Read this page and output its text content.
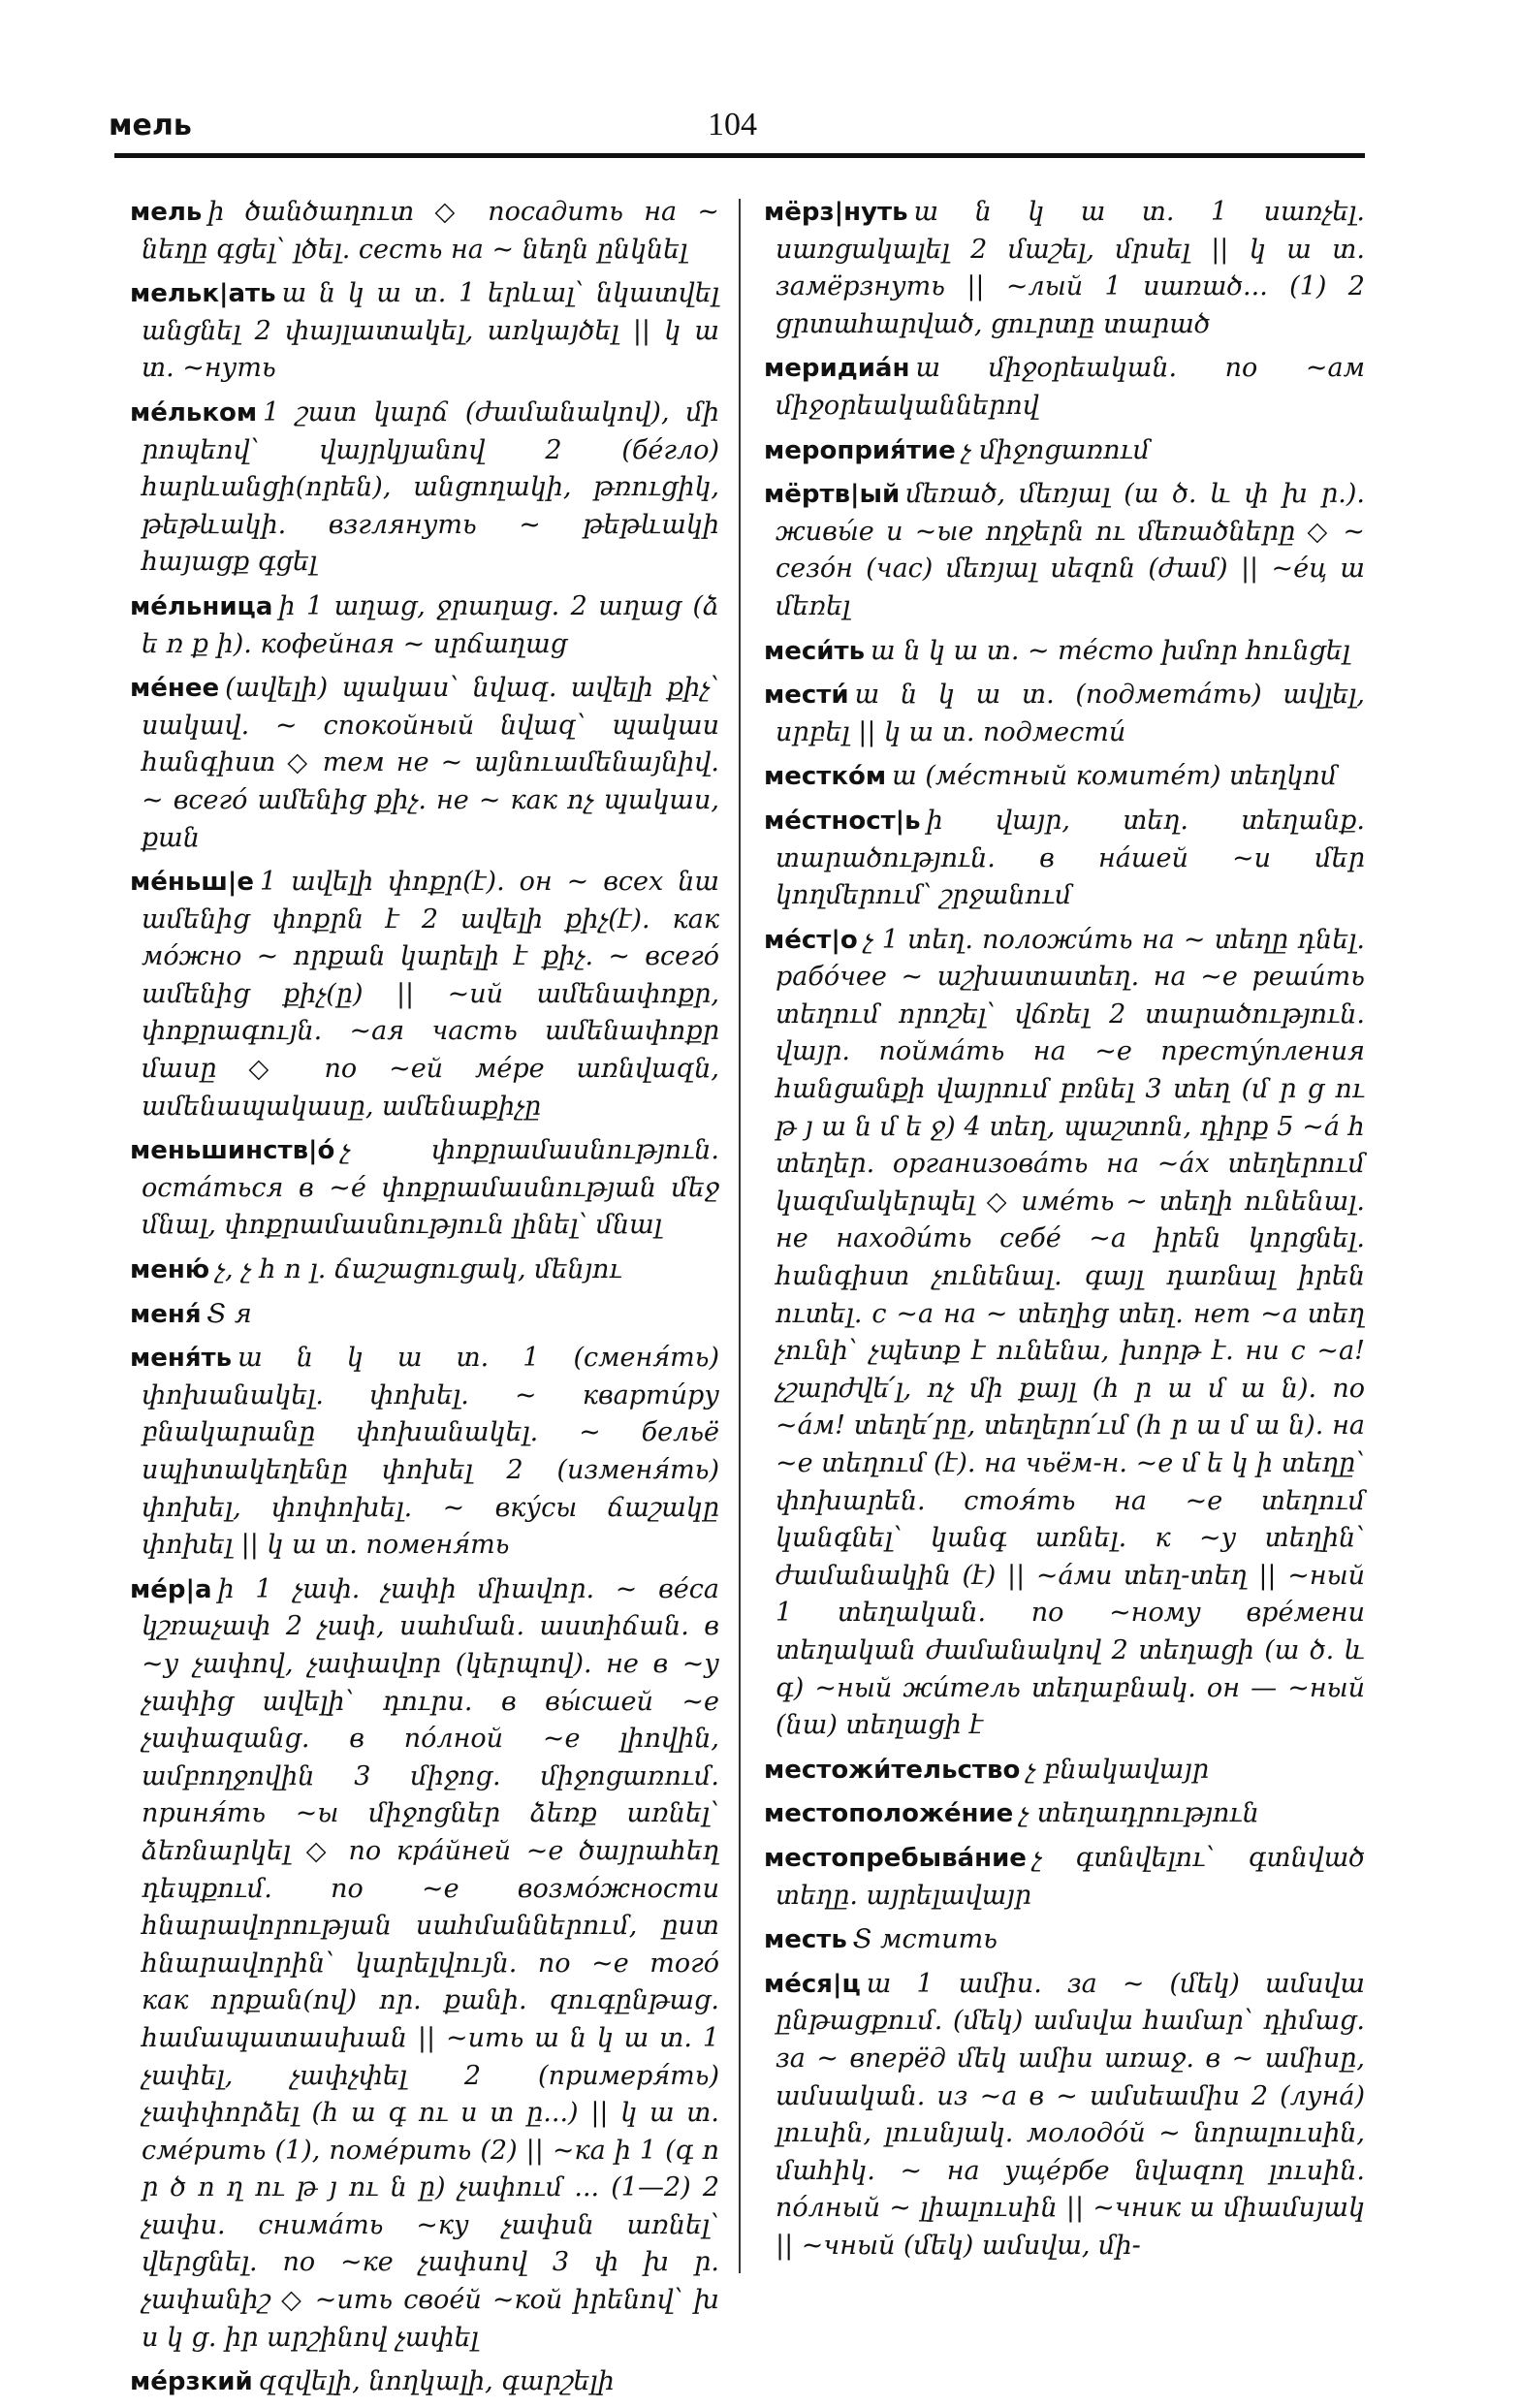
мель	104

мель ի ծանծաղուտ ◇ посадить на ~ նեղը գցել՝ լծել. сесть на ~ նեղն ընկնել

мельк|ать ա ն կ ա տ. 1 երևալ՝ նկատվել անցնել 2 փայլատակել, առկայծել || կ ա տ. ~нуть

ме́льком 1 շատ կարճ (ժամանակով), մի րոպեով՝ վայրկյանով 2 (бе́гло) հարևանցի(որեն), անցողակի, թռուցիկ, թեթևակի. взглянуть ~ թեթևակի հայացք գցել

ме́льница ի 1 աղաց, ջրաղաց. 2 աղաց (ձ ե ռ ք ի). кофейная ~ սրճաղաց

ме́нее (ավելի) պակաս՝ նվազ. ավելի քիչ՝ սակավ. ~ спокойный նվազ՝ պակաս հանգիստ ◇ тем не ~ այնուամենայնիվ. ~ всего́ ամենից քիչ. не ~ как ոչ պակաս, քան

ме́ньш|е 1 ավելի փոքր(է). он ~ всех նա ամենից փոքրն է 2 ավելի քիչ(է). как мо́жно ~ որքան կարելի է քիչ. ~ всего́ ամենից քիչ(ը) || ~ий ամենափոքր, փոքրագույն. ~ая часть ամենափոքր մասը ◇ по ~ей ме́ре առնվազն, ամենապակասը, ամենաքիչը

меньшинств|о́ չ փոքրամասնություն. оста́ться в ~е́ փոքրամասնության մեջ մնալ, փոքրամասնություն լինել՝ մնալ

меню́ չ, չ հ ո լ. ճաշացուցակ, մենյու

меня́ Տ я

меня́ть ա ն կ ա տ. 1 (сменя́ть) փոխանակել. փոխել. ~ кварти́ру բնակարանը փոխանակել. ~ бельё սպիտակեղենը փոխել 2 (изменя́ть) փոխել, փոփոխել. ~ вку́сы ճաշակը փոխել || կ ա տ. поменя́ть

ме́р|а ի 1 չափ. չափի միավոր. ~ ве́са կշռաչափ 2 չափ, սահման. աստիճան. в ~у չափով, չափավոր (կերպով). не в ~у չափից ավելի՝ դուրս. в вы́сшей ~е չափազանց. в по́лной ~е լիովին, ամբողջովին 3 միջոց. միջոցառում. приня́ть ~ы միջոցներ ձեռք առնել՝ ձեռնարկել ◇ по кра́йней ~е ծայրահեղ դեպքում. по ~е возмо́жности հնարավորության սահմաններում, ըստ հնարավորին՝ կարելվույն. по ~е того́ как որքան(ով) որ. քանի. զուգընթաց. համապատասխան || ~ить ա ն կ ա տ. 1 չափել, չափչփել 2 (примеря́ть) չափփորձել (հ ա գ ու ս տ ը...) || կ ա տ. сме́рить (1), поме́рить (2) || ~ка ի 1 (գ ո ր ծ ո ղ ու թ յ ու ն ը) չափում ... (1—2) 2 չափս. снима́ть ~ку չափսն առնել՝ վերցնել. по ~ке չափսով 3 փ խ ր. չափանիշ ◇ ~ить свое́й ~кой իրենով՝ խ ս կ ց. իր արշինով չափել

ме́рзкий զզվելի, նողկալի, գարշելի

мёрз|нуть ա ն կ ա տ. 1 սառչել. սառցակալել 2 մաշել, մրսել || կ ա տ. замёрзнуть || ~лый 1 սառած... (1) 2 ցրտահարված, ցուրտը տարած

меридиа́н ա միջօրեական. по ~ам միջօրեականներով

мероприя́тие չ միջոցառում

мёртв|ый մեռած, մեռյալ (ա ծ. և փ խ ր.). живы́е и ~ые ողջերն ու մեռածները ◇ ~ сезо́н (час) մեռյալ սեզոն (ժամ) || ~е́ц ա մեռել

меси́ть ա ն կ ա տ. ~ те́сто խմոր հունցել

мести́ ա ն կ ա տ. (подмета́ть) ավլել, սրբել || կ ա տ. подмести́

местко́м ա (ме́стный комите́т) տեղկոմ

ме́стност|ь ի վայր, տեղ. տեղանք. տարածություն. в на́шей ~и մեր կողմերում՝ շրջանում

ме́ст|о չ 1 տեղ. положи́ть на ~ տեղը դնել. рабо́чее ~ աշխատատեղ. на ~е реши́ть տեղում որոշել՝ վճռել 2 տարածություն. վայր. пойма́ть на ~е престу́пления հանցանքի վայրում բռնել 3 տեղ (մ ր ց ու թ յ ա ն մ ե ջ) 4 տեղ, պաշտոն, դիրք 5 ~а́ հ տեղեր. организова́ть на ~а́х տեղերում կազմակերպել ◇ име́ть ~ տեղի ունենալ. не находи́ть себе́ ~а իրեն կորցնել. հանգիստ չունենալ. գայլ դառնալ իրեն ուտել. с ~а на ~ տեղից տեղ. нет ~а տեղ չունի՝ չպետք է ունենա, խորթ է. ни с ~а! չշարժվե՛լ, ոչ մի քայլ (հ ր ա մ ա ն). по ~а́м! տեղե՛րը, տեղերո՛ւմ (հ ր ա մ ա ն). на ~е տեղում (է). на чьём-н. ~е մ ե կ ի տեղը՝ փոխարեն. стоя́ть на ~е տեղում կանգնել՝ կանգ առնել. к ~у տեղին՝ ժամանակին (է) || ~а́ми տեղ-տեղ || ~ный 1 տեղական. по ~ному вре́мени տեղական ժամանակով 2 տեղացի (ա ծ. և գ) ~ный жи́тель տեղաբնակ. он — ~ный (նա) տեղացի է

местожи́тельство չ բնակավայր

местоположе́ние չ տեղադրություն

местопребыва́ние չ գտնվելու՝ գտնված տեղը. այրելավայր

месть Տ мстить

ме́ся|ц ա 1 ամիս. за ~ (մեկ) ամսվա ընթացքում. (մեկ) ամսվա համար՝ դիմաց. за ~ вперёд մեկ ամիս առաջ. в ~ ամիսը, ամսական. из ~а в ~ ամսեամիս 2 (луна́) լուսին, լուսնյակ. молодо́й ~ նորալուսին, մահիկ. ~ на уще́рбе նվազող լուսին. по́лный ~ լիալուսին || ~чник ա միամսյակ || ~чный (մեկ) ամսվա, մի-
